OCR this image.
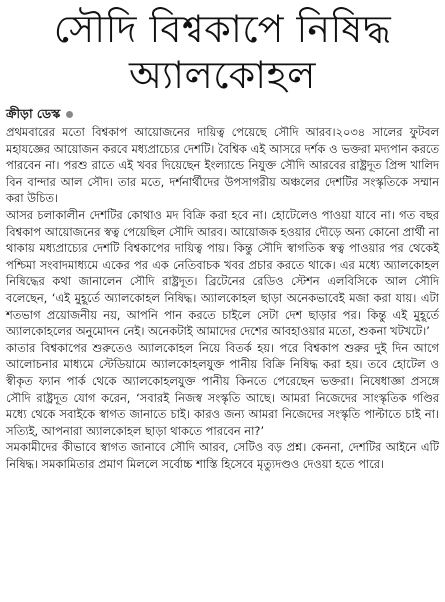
সৌদি বিশ্বকাপে নিষিদ্ধ
অ্যালকোহল
ক্রীড়া ডেস্ক

প্রথমবারের মতো বিশ্বকাপ আয়োজনের দায়িত্ব পেয়েছে সৌদি আরব।২০৩৪ সালের ফুটবল মহাযজ্ঞের আয়োজন করবে মধ্যপ্রাচ্যের দেশটি। বৈশ্বিক এই আসরে দর্শক ও ভক্তরা মদ্যপান করতে পারবেন না। পরশু রাতে এই খবর দিয়েছেন ইংল্যান্ডে নিযুক্ত সৌদি আরবের রাষ্ট্রদূত প্রিন্স খালিদ বিন বান্দার আল সৌদ। তার মতে, দর্শনার্থীদের উপসাগরীয় অঞ্চলের দেশটির সংস্কৃতিকে সম্মান করা উচিত।

আসর চলাকালীন দেশটির কোথাও মদ বিক্রি করা হবে না। হোটেলেও পাওয়া যাবে না। গত বছর বিশ্বকাপ আয়োজনের স্বত্ব পেয়েছিল সৌদি আরব। আয়োজক হওয়ার দৌড়ে অন্য কোনো প্রার্থী না থাকায় মধ্যপ্রাচ্যের দেশটি বিশ্বকাপের দায়িত্ব পায়। কিন্তু সৌদি স্বাগতিক স্বত্ব পাওয়ার পর থেকেই পশ্চিমা সংবাদমাধ্যমে একের পর এক নেতিবাচক খবর প্রচার করতে থাকে। এর মধ্যে অ্যালকোহল নিষিদ্ধের কথা জানালেন সৌদি রাষ্ট্রদূত। ব্রিটেনের রেডিও স্টেশন এলবিসিকে আল সৌদি বলেছেন, ‘এই মুহূর্তে অ্যালকোহল নিষিদ্ধ। অ্যালকোহল ছাড়া অনেকভাবেই মজা করা যায়। এটা শতভাগ প্রয়োজনীয় নয়, আপনি পান করতে চাইলে সেটা দেশ ছাড়ার পর। কিন্তু এই মুহূর্তে অ্যালকোহলের অনুমোদন নেই। অনেকটাই আমাদের দেশের আবহাওয়ার মতো, শুকনা খটখটে।’

কাতার বিশ্বকাপের শুরুতেও অ্যালকোহল নিয়ে বিতর্ক হয়। পরে বিশ্বকাপ শুরুর দুই দিন আগে আলোচনার মাধ্যমে স্টেডিয়ামে অ্যালকোহলযুক্ত পানীয় বিক্রি নিষিদ্ধ করা হয়। তবে হোটেল ও স্বীকৃত ফ্যান পার্ক থেকে অ্যালকোহলযুক্ত পানীয় কিনতে পেরেছেন ভক্তরা। নিষেধাজ্ঞা প্রসঙ্গে সৌদি রাষ্ট্রদূত যোগ করেন, ‘সবারই নিজস্ব সংস্কৃতি আছে। আমরা নিজেদের সাংস্কৃতিক গণ্ডির মধ্যে থেকে সবাইকে স্বাগত জানাতে চাই। কারও জন্য আমরা নিজেদের সংস্কৃতি পাল্টাতে চাই না। সত্যিই, আপনারা অ্যালকোহল ছাড়া থাকতে পারবেন না?’

সমকামীদের কীভাবে স্বাগত জানাবে সৌদি আরব, সেটিও বড় প্রশ্ন। কেননা, দেশটির আইনে এটি নিষিদ্ধ। সমকামিতার প্রমাণ মিললে সর্বোচ্চ শাস্তি হিসেবে মৃত্যুদণ্ডও দেওয়া হতে পারে।
